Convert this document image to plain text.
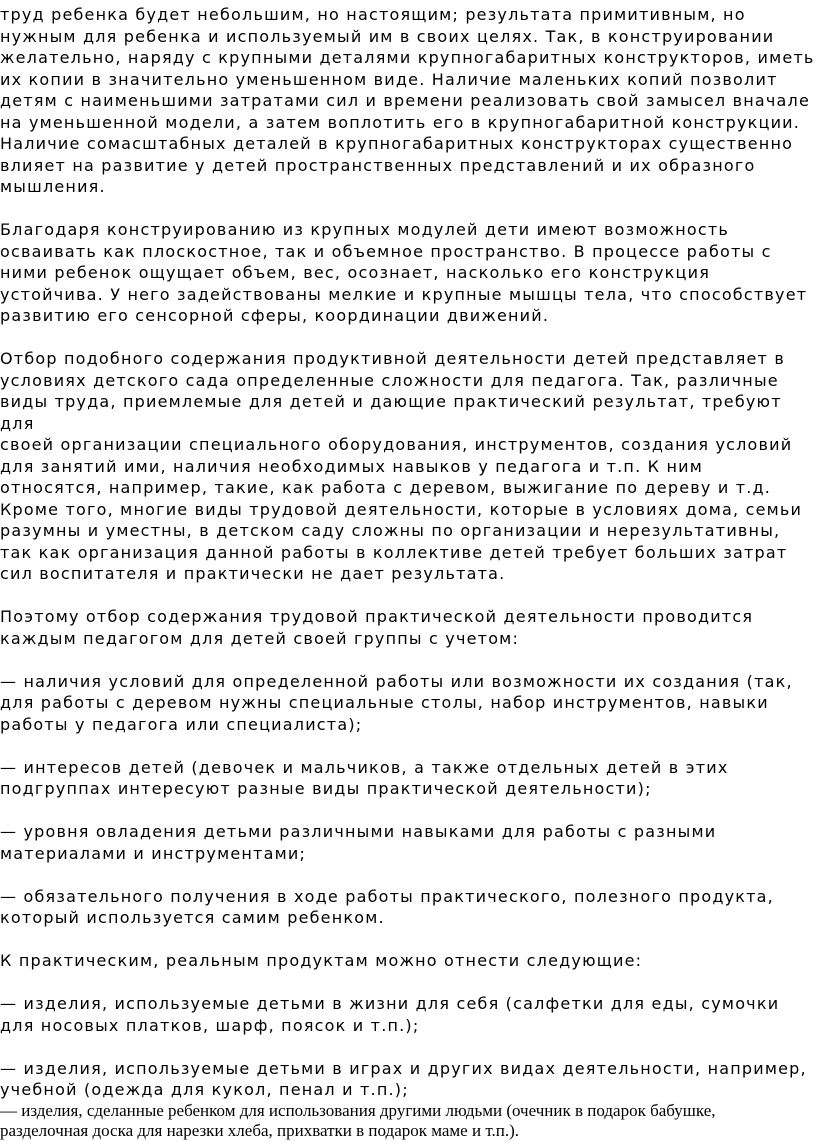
труд ребенка будет небольшим, но настоящим; результата примитивным, но
нужным для ребенка и используемый им в своих целях. Так, в конструировании
желательно, наряду с крупными деталями крупногабаритных конструкторов, иметь
их копии в значительно уменьшенном виде. Наличие маленьких копий позволит
детям с наименьшими затратами сил и времени реализовать свой замысел вначале
на уменьшенной модели, а затем воплотить его в крупногабаритной конструкции.
Наличие сомасштабных деталей в крупногабаритных конструкторах существенно
влияет на развитие у детей пространственных представлений и их образного
мышления.

Благодаря конструированию из крупных модулей дети имеют возможность
осваивать как плоскостное, так и объемное пространство. В процессе работы с
ними ребенок ощущает объем, вес, осознает, насколько его конструкция
устойчива. У него задействованы мелкие и крупные мышцы тела, что способствует
развитию его сенсорной сферы, координации движений.

Отбор подобного содержания продуктивной деятельности детей представляет в
условиях детского сада определенные сложности для педагога. Так, различные
виды труда, приемлемые для детей и дающие практический результат, требуют для
своей организации специального оборудования, инструментов, создания условий
для занятий ими, наличия необходимых навыков у педагога и т.п. К ним
относятся, например, такие, как работа с деревом, выжигание по дереву и т.д.
Кроме того, многие виды трудовой деятельности, которые в условиях дома, семьи
разумны и уместны, в детском саду сложны по организации и нерезультативны,
так как организация данной работы в коллективе детей требует больших затрат
сил воспитателя и практически не дает результата.

Поэтому отбор содержания трудовой практической деятельности проводится
каждым педагогом для детей своей группы с учетом:

— наличия условий для определенной работы или возможности их создания (так,
для работы с деревом нужны специальные столы, набор инструментов, навыки
работы у педагога или специалиста);

— интересов детей (девочек и мальчиков, а также отдельных детей в этих
подгруппах интересуют разные виды практической деятельности);

— уровня овладения детьми различными навыками для работы с разными
материалами и инструментами;

— обязательного получения в ходе работы практического, полезного продукта,
который используется самим ребенком.

К практическим, реальным продуктам можно отнести следующие:

— изделия, используемые детьми в жизни для себя (салфетки для еды, сумочки
для носовых платков, шарф, поясок и т.п.);

— изделия, используемые детьми в играх и других видах деятельности, например,
учебной (одежда для кукол, пенал и т.п.);

— изделия, сделанные ребенком для использования другими людьми (очечник в подарок бабушке,
разделочная доска для нарезки хлеба, прихватки в подарок маме и т.п.).
